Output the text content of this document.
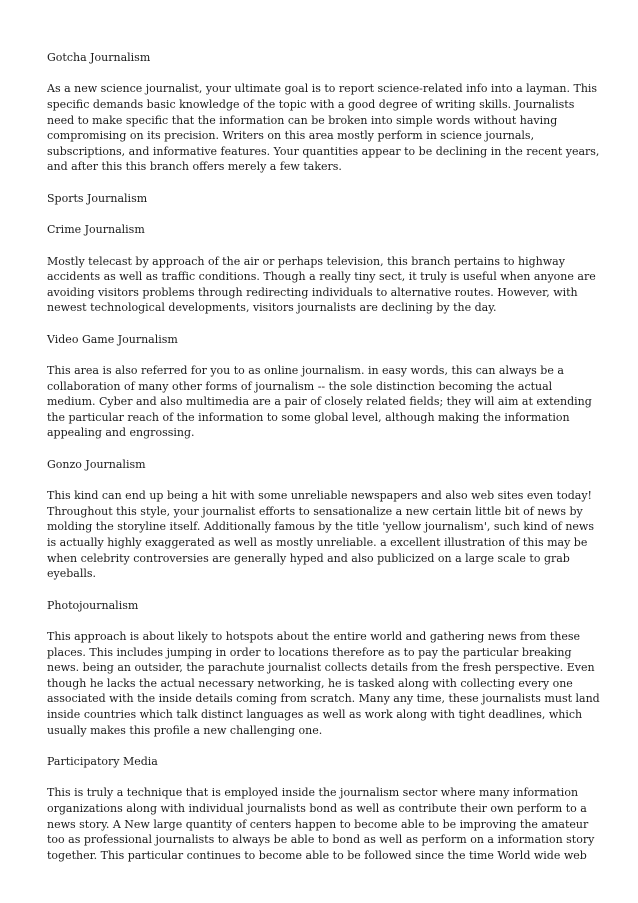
Gotcha Journalism
As a new science journalist, your ultimate goal is to report science-related info into a layman. This specific demands basic knowledge of the topic with a good degree of writing skills. Journalists need to make specific that the information can be broken into simple words without having compromising on its precision. Writers on this area mostly perform in science journals, subscriptions, and informative features. Your quantities appear to be declining in the recent years, and after this this branch offers merely a few takers.
Sports Journalism
Crime Journalism
Mostly telecast by approach of the air or perhaps television, this branch pertains to highway accidents as well as traffic conditions. Though a really tiny sect, it truly is useful when anyone are avoiding visitors problems through redirecting individuals to alternative routes. However, with newest technological developments, visitors journalists are declining by the day.
Video Game Journalism
This area is also referred for you to as online journalism. in easy words, this can always be a collaboration of many other forms of journalism -- the sole distinction becoming the actual medium. Cyber and also multimedia are a pair of closely related fields; they will aim at extending the particular reach of the information to some global level, although making the information appealing and engrossing.
Gonzo Journalism
This kind can end up being a hit with some unreliable newspapers and also web sites even today! Throughout this style, your journalist efforts to sensationalize a new certain little bit of news by molding the storyline itself. Additionally famous by the title 'yellow journalism', such kind of news is actually highly exaggerated as well as mostly unreliable. a excellent illustration of this may be when celebrity controversies are generally hyped and also publicized on a large scale to grab eyeballs.
Photojournalism
This approach is about likely to hotspots about the entire world and gathering news from these places. This includes jumping in order to locations therefore as to pay the particular breaking news. being an outsider, the parachute journalist collects details from the fresh perspective. Even though he lacks the actual necessary networking, he is tasked along with collecting every one associated with the inside details coming from scratch. Many any time, these journalists must land inside countries which talk distinct languages as well as work along with tight deadlines, which usually makes this profile a new challenging one.
Participatory Media
This is truly a technique that is employed inside the journalism sector where many information organizations along with individual journalists bond as well as contribute their own perform to a news story. A New large quantity of centers happen to become able to be improving the amateur too as professional journalists to always be able to bond as well as perform on a information story together. This particular continues to become able to be followed since the time World wide web
